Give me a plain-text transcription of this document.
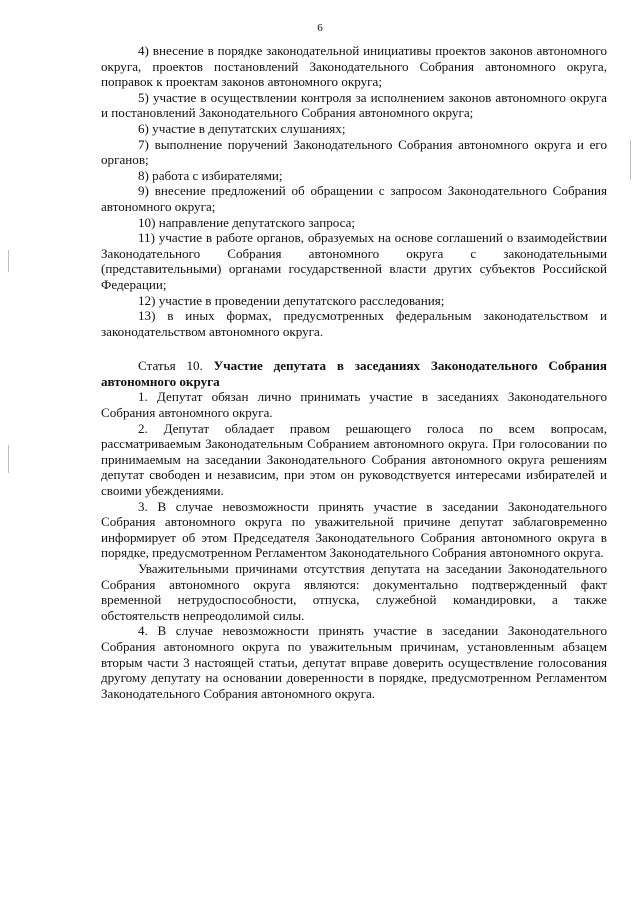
6

4) внесение в порядке законодательной инициативы проектов законов автономного округа, проектов постановлений Законодательного Собрания автономного округа, поправок к проектам законов автономного округа;

5) участие в осуществлении контроля за исполнением законов автономного округа и постановлений Законодательного Собрания автономного округа;

6) участие в депутатских слушаниях;

7) выполнение поручений Законодательного Собрания автономного округа и его органов;

8) работа с избирателями;

9) внесение предложений об обращении с запросом Законодательного Собрания автономного округа;

10) направление депутатского запроса;

11) участие в работе органов, образуемых на основе соглашений о взаимодействии Законодательного Собрания автономного округа с законодательными (представительными) органами государственной власти других субъектов Российской Федерации;

12) участие в проведении депутатского расследования;

13) в иных формах, предусмотренных федеральным законодательством и законодательством автономного округа.

Статья 10. Участие депутата в заседаниях Законодательного Собрания автономного округа

1. Депутат обязан лично принимать участие в заседаниях Законодательного Собрания автономного округа.

2. Депутат обладает правом решающего голоса по всем вопросам, рассматриваемым Законодательным Собранием автономного округа. При голосовании по принимаемым на заседании Законодательного Собрания автономного округа решениям депутат свободен и независим, при этом он руководствуется интересами избирателей и своими убеждениями.

3. В случае невозможности принять участие в заседании Законодательного Собрания автономного округа по уважительной причине депутат заблаговременно информирует об этом Председателя Законодательного Собрания автономного округа в порядке, предусмотренном Регламентом Законодательного Собрания автономного округа.

Уважительными причинами отсутствия депутата на заседании Законодательного Собрания автономного округа являются: документально подтвержденный факт временной нетрудоспособности, отпуска, служебной командировки, а также обстоятельств непреодолимой силы.

4. В случае невозможности принять участие в заседании Законодательного Собрания автономного округа по уважительным причинам, установленным абзацем вторым части 3 настоящей статьи, депутат вправе доверить осуществление голосования другому депутату на основании доверенности в порядке, предусмотренном Регламентом Законодательного Собрания автономного округа.
